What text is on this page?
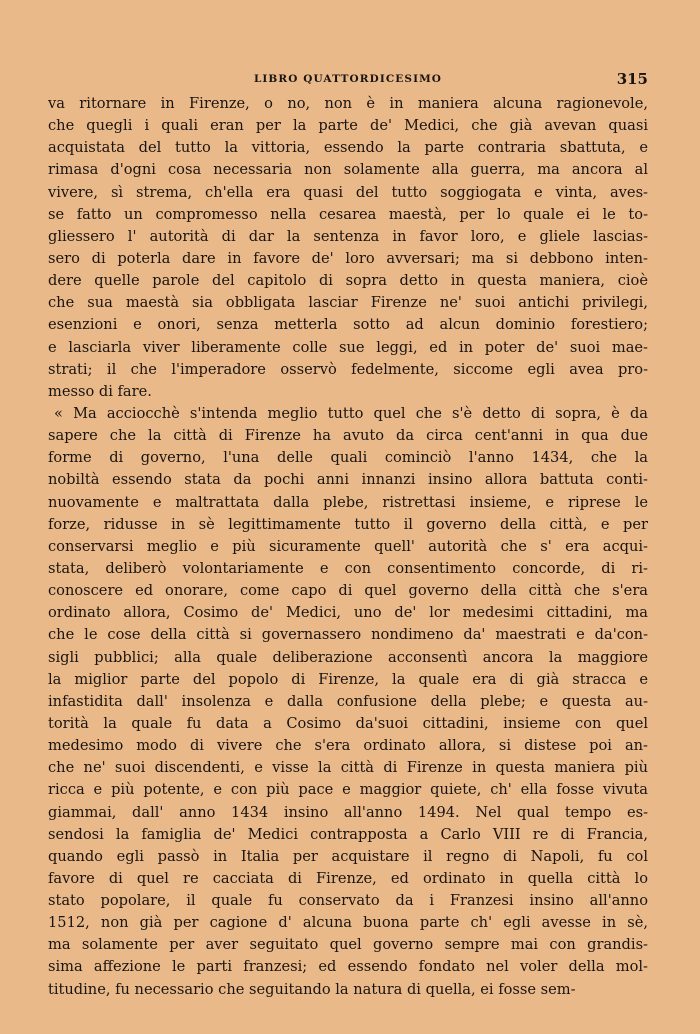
LIBRO QUATTORDICESIMO	315
va ritornare in Firenze, o no, non è in maniera alcuna ragionevole,
che quegli i quali eran per la parte de' Medici, che già avevan quasi
acquistata del tutto la vittoria, essendo la parte contraria sbattuta, e
rimasa d'ogni cosa necessaria non solamente alla guerra, ma ancora al
vivere, sì strema, ch'ella era quasi del tutto soggiogata e vinta, aves-
se fatto un compromesso nella cesarea maestà, per lo quale ei le to-
gliessero l' autorità di dar la sentenza in favor loro, e gliele lascias-
sero di poterla dare in favore de' loro avversari; ma si debbono inten-
dere quelle parole del capitolo di sopra detto in questa maniera, cioè
che sua maestà sia obbligata lasciar Firenze ne' suoi antichi privilegi,
esenzioni e onori, senza metterla sotto ad alcun dominio forestiero;
e lasciarla viver liberamente colle sue leggi, ed in poter de' suoi mae-
strati; il che l'imperadore osservò fedelmente, siccome egli avea pro-
messo di fare.
« Ma acciocchè s'intenda meglio tutto quel che s'è detto di sopra, è da
sapere che la città di Firenze ha avuto da circa cent'anni in qua due
forme di governo, l'una delle quali cominciò l'anno 1434, che la
nobiltà essendo stata da pochi anni innanzi insino allora battuta conti-
nuovamente e maltrattata dalla plebe, ristrettasi insieme, e riprese le
forze, ridusse in sè legittimamente tutto il governo della città, e per
conservarsi meglio e più sicuramente quell' autorità che s' era acqui-
stata, deliberò volontariamente e con consentimento concorde, di ri-
conoscere ed onorare, come capo di quel governo della città che s'era
ordinato allora, Cosimo de' Medici, uno de' lor medesimi cittadini, ma
che le cose della città si governassero nondimeno da' maestrati e da'con-
sigli pubblici; alla quale deliberazione acconsentì ancora la maggiore
la miglior parte del popolo di Firenze, la quale era di già stracca e
infastidita dall' insolenza e dalla confusione della plebe; e questa au-
torità la quale fu data a Cosimo da'suoi cittadini, insieme con quel
medesimo modo di vivere che s'era ordinato allora, si distese poi an-
che ne' suoi discendenti, e visse la città di Firenze in questa maniera più
ricca e più potente, e con più pace e maggior quiete, ch' ella fosse vivuta
giammai, dall' anno 1434 insino all'anno 1494. Nel qual tempo es-
sendosi la famiglia de' Medici contrapposta a Carlo VIII re di Francia,
quando egli passò in Italia per acquistare il regno di Napoli, fu col
favore di quel re cacciata di Firenze, ed ordinato in quella città lo
stato popolare, il quale fu conservato da i Franzesi insino all'anno
1512, non già per cagione d' alcuna buona parte ch' egli avesse in sè,
ma solamente per aver seguitato quel governo sempre mai con grandis-
sima affezione le parti franzesi; ed essendo fondato nel voler della mol-
titudine, fu necessario che seguitando la natura di quella, ei fosse sem-
